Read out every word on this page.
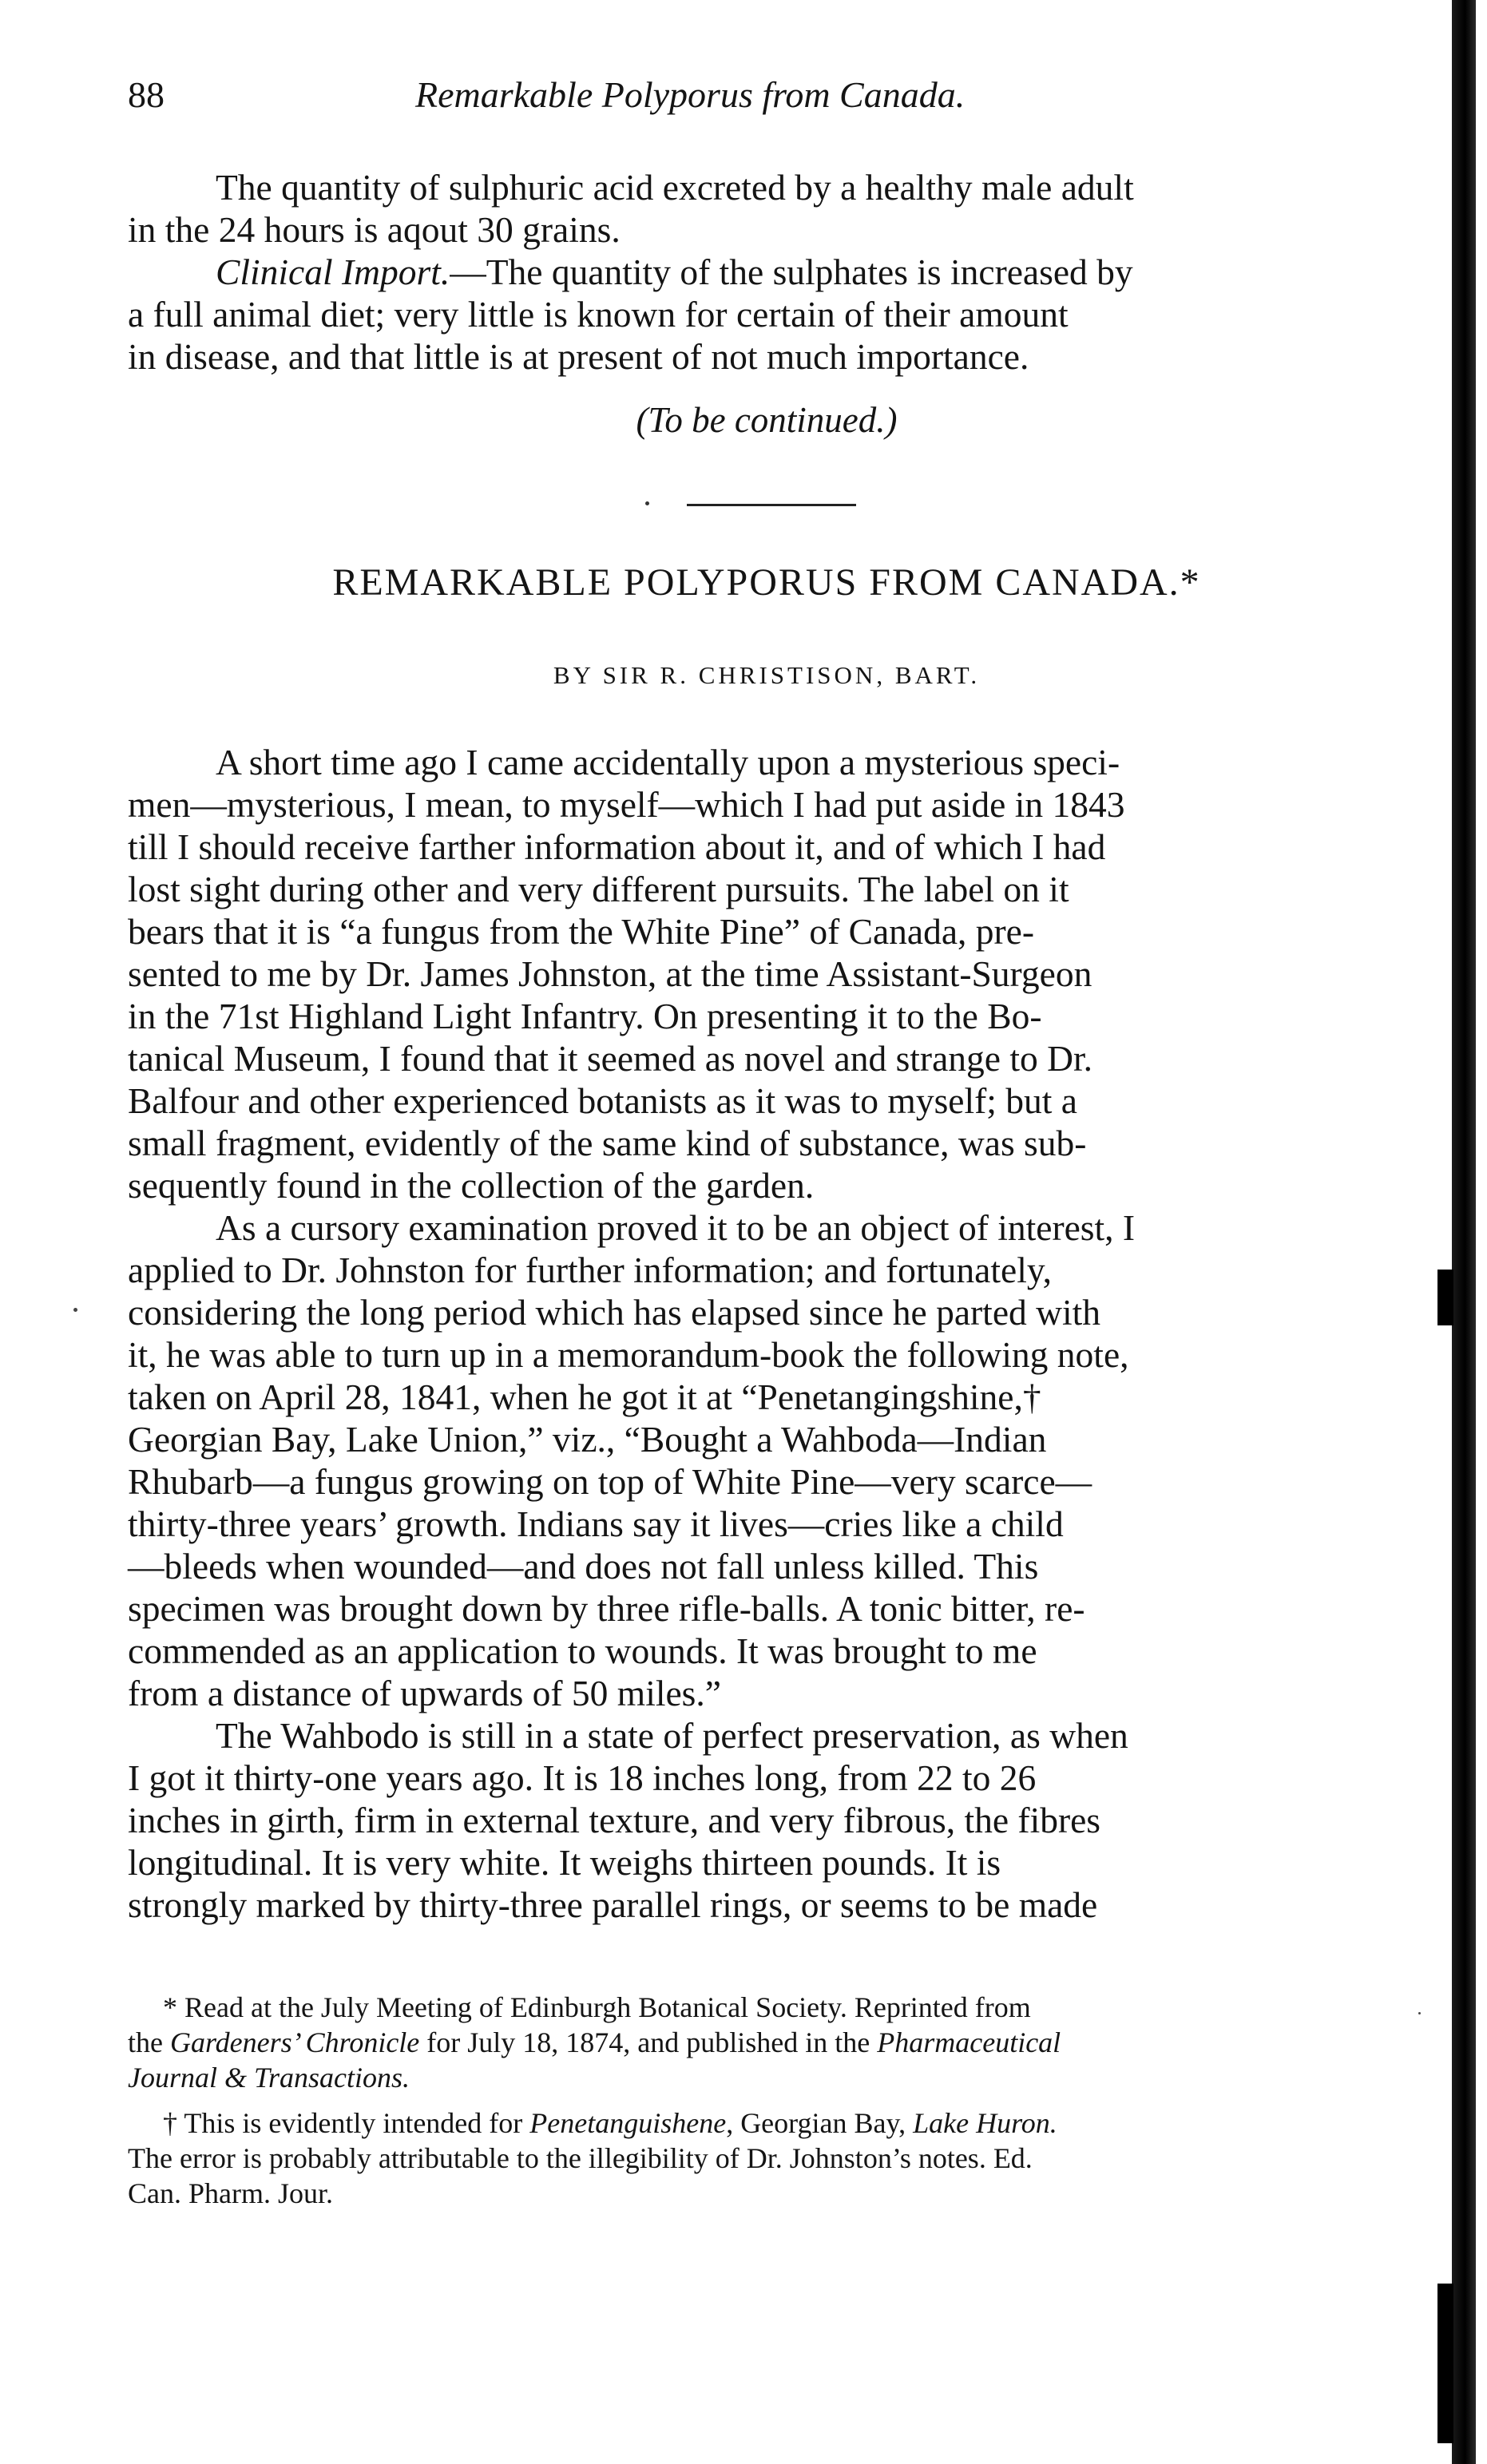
88	Remarkable Polyporus from Canada.
The quantity of sulphuric acid excreted by a healthy male adult
in the 24 hours is aqout 30 grains.
Clinical Import.—The quantity of the sulphates is increased by
a full animal diet; very little is known for certain of their amount
in disease, and that little is at present of not much importance.

(To be continued.)

REMARKABLE POLYPORUS FROM CANADA.*

BY SIR R. CHRISTISON, BART.

A short time ago I came accidentally upon a mysterious speci-
men—mysterious, I mean, to myself—which I had put aside in 1843
till I should receive farther information about it, and of which I had
lost sight during other and very different pursuits. The label on it
bears that it is “a fungus from the White Pine” of Canada, pre-
sented to me by Dr. James Johnston, at the time Assistant-Surgeon
in the 71st Highland Light Infantry. On presenting it to the Bo-
tanical Museum, I found that it seemed as novel and strange to Dr.
Balfour and other experienced botanists as it was to myself; but a
small fragment, evidently of the same kind of substance, was sub-
sequently found in the collection of the garden.
As a cursory examination proved it to be an object of interest, I
applied to Dr. Johnston for further information; and fortunately,
considering the long period which has elapsed since he parted with
it, he was able to turn up in a memorandum-book the following note,
taken on April 28, 1841, when he got it at “Penetangingshine,†
Georgian Bay, Lake Union,” viz., “Bought a Wahboda—Indian
Rhubarb—a fungus growing on top of White Pine—very scarce—
thirty-three years’ growth. Indians say it lives—cries like a child
—bleeds when wounded—and does not fall unless killed. This
specimen was brought down by three rifle-balls. A tonic bitter, re-
commended as an application to wounds. It was brought to me
from a distance of upwards of 50 miles.”
The Wahbodo is still in a state of perfect preservation, as when
I got it thirty-one years ago. It is 18 inches long, from 22 to 26
inches in girth, firm in external texture, and very fibrous, the fibres
longitudinal. It is very white. It weighs thirteen pounds. It is
strongly marked by thirty-three parallel rings, or seems to be made
* Read at the July Meeting of Edinburgh Botanical Society. Reprinted from
the Gardeners’ Chronicle for July 18, 1874, and published in the Pharmaceutical
Journal & Transactions.
† This is evidently intended for Penetanguishene, Georgian Bay, Lake Huron.
The error is probably attributable to the illegibility of Dr. Johnston’s notes. Ed.
Can. Pharm. Jour.
